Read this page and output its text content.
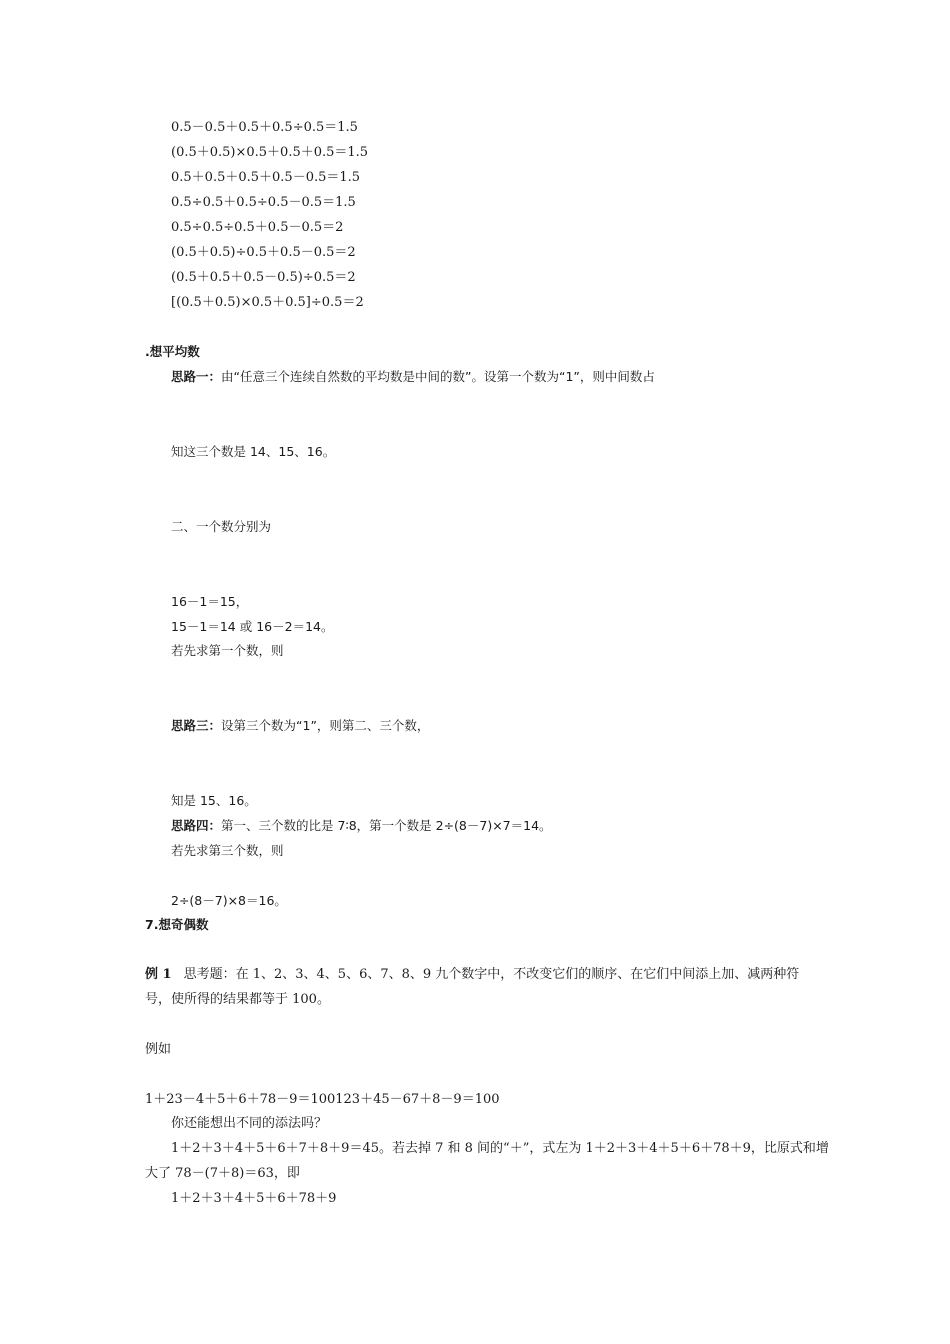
0.5－0.5＋0.5＋0.5÷0.5＝1.5
(0.5＋0.5)×0.5＋0.5＋0.5＝1.5
0.5＋0.5＋0.5＋0.5－0.5＝1.5
0.5÷0.5＋0.5÷0.5－0.5＝1.5
0.5÷0.5÷0.5＋0.5－0.5＝2
(0.5＋0.5)÷0.5＋0.5－0.5＝2
(0.5＋0.5＋0.5－0.5)÷0.5＝2
[(0.5＋0.5)×0.5＋0.5]÷0.5＝2
.想平均数
思路一：由“任意三个连续自然数的平均数是中间的数”。设第一个数为“1”，则中间数占
知这三个数是 14、15、16。
二、一个数分别为
16－1＝15，
15－1＝14 或 16－2＝14。
若先求第一个数，则
思路三：设第三个数为“1”，则第二、三个数，
知是 15、16。
思路四：第一、三个数的比是 7∶8，第一个数是 2÷(8－7)×7＝14。
若先求第三个数，则
2÷(8－7)×8＝16。
7.想奇偶数
例 1 思考题：在 1、2、3、4、5、6、7、8、9 九个数字中，不改变它们的顺序、在它们中间添上加、减两种符
号，使所得的结果都等于 100。
例如
1＋23－4＋5＋6＋78－9＝100123＋45－67＋8－9＝100
你还能想出不同的添法吗？
1＋2＋3＋4＋5＋6＋7＋8＋9＝45。若去掉 7 和 8 间的“＋”，式左为 1＋2＋3＋4＋5＋6＋78＋9，比原式和增
大了 78－(7＋8)＝63，即
1＋2＋3＋4＋5＋6＋78＋9
